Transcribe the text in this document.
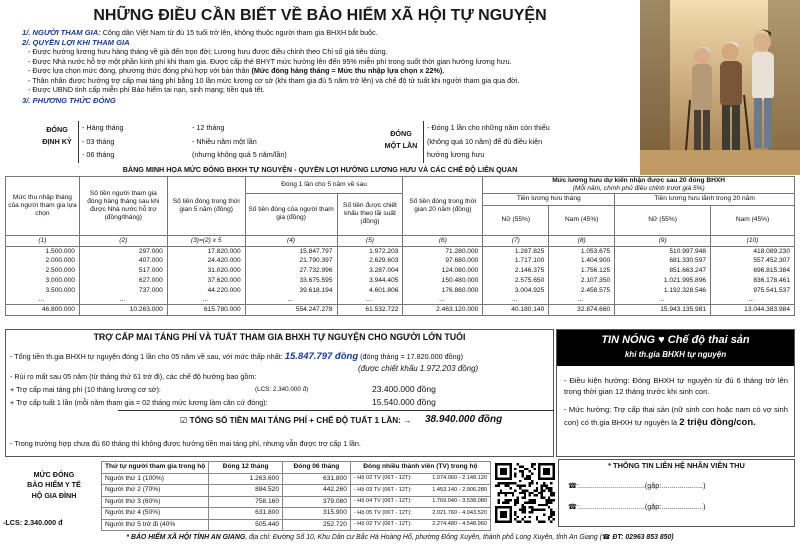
NHỮNG ĐIỀU CẦN BIẾT VỀ BẢO HIỂM XÃ HỘI TỰ NGUYỆN
1/. NGƯỜI THAM GIA: Công dân Việt Nam từ đủ 15 tuổi trở lên, không thuộc người tham gia BHXH bắt buộc.
2/. QUYỀN LỢI KHI THAM GIA
- Được hưởng lương hưu hàng tháng về già đến trọn đời; Lương hưu được điều chỉnh theo Chỉ số giá tiêu dùng.
- Được Nhà nước hỗ trợ một phần kinh phí khi tham gia. Được cấp thẻ BHYT mức hưởng lên đến 95% miễn phí trong suốt thời gian hưởng lương hưu.
- Được lựa chọn mức đóng, phương thức đóng phù hợp với bản thân (Mức đóng hàng tháng = Mức thu nhập lựa chọn x 22%).
- Thân nhân được hưởng trợ cấp mai táng phí bằng 10 lần mức lương cơ sở (khi tham gia đủ 5 năm trở lên) và chế độ tử tuất khi người tham gia qua đời.
- Được UBND tỉnh cấp miễn phí Bảo hiểm tai nạn, sinh mạng; tiền quà tết.
3/. PHƯƠNG THỨC ĐÓNG
ĐÓNG
ĐỊNH KỲ
- Hàng tháng
- 03 tháng
- 06 tháng
- 12 tháng
- Nhiều năm một lần
(nhưng không quá 5 năm/lần)
ĐÓNG
MỘT LẦN
- Đóng 1 lần cho những năm còn thiếu
(không quá 10 năm) để đủ điều kiện
hưởng lương hưu
BẢNG MINH HỌA MỨC ĐÓNG BHXH TỰ NGUYỆN - QUYỀN LỢI HƯỞNG LƯƠNG HƯU VÀ CÁC CHẾ ĐỘ LIÊN QUAN
Mức thu nhập tháng của người tham gia lựa chọn	Số tiền người tham gia đóng hàng tháng sau khi được Nhà nước hỗ trợ (đồng/tháng)	Số tiền đóng trong thời gian 5 năm (đồng)	Đóng 1 lần cho 5 năm về sau		Số tiền đóng trong thời gian 20 năm (đồng)	Mức lương hưu dự kiến nhận được sau 20 đóng BHXH
(Mỗi năm, chính phủ điều chỉnh trượt giá 5%)			
			Số tiền đóng của người tham gia (đồng)	Số tiền được chiết khấu theo lãi suất (đồng)		Tiền lương hưu tháng		Tiền lương hưu lãnh trong 20 năm	
						Nữ (55%)	Nam (45%)	Nữ (55%)	Nam (45%)
(1)	(2)	(3)=(2) x 5	(4)	(5)	(6)	(7)	(8)	(9)	(10)
1.500.000	297.000	17.820.000	15.847.797	1.972.203	71.280.000	1.287.825	1.053.675	510.997.948	418.089.230
2.000.000	407.000	24.420.000	21.790.397	2.629.603	97.680.000	1.717.100	1.404.900	681.330.597	557.452.307
2.500.000	517.000	31.020.000	27.732.996	3.287.004	124.080.000	2.146.375	1.756.125	851.663.247	696.815.384
3.000.000	627.000	37.620.000	33.675.595	3.944.405	150.480.000	2.575.650	2.107.350	1.021.995.896	836.178.461
3.500.000	737.000	44.220.000	39.618.194	4.601.806	176.880.000	3.004.925	2.458.575	1.192.328.546	975.541.537
...	...	...	...	...	...	...	...	...	...
46.800.000	10.263.000	615.780.000	554.247.278	61.532.722	2.463.120.000	40.180.140	32.874.660	15.943.135.981	13.044.383.984
TRỢ CẤP MAI TÁNG PHÍ VÀ TUẤT THAM GIA BHXH TỰ NGUYỆN CHO NGƯỜI LỚN TUỔI
- Tổng tiền th.gia BHXH tự nguyện đóng 1 lần cho 05 năm về sau, với mức thấp nhất: 15.847.797 đồng (đóng tháng = 17.820.000 đồng)
(được chiết khấu 1.972.203 đồng)
- Rủi ro mất sau 05 năm (từ tháng thứ 61 trở đi), các chế độ hưởng bao gồm:
+ Trợ cấp mai táng phí (10 tháng lương cơ sở):	(LCS: 2.340.000 đ)	23.400.000 đồng
+ Trợ cấp tuất 1 lần (mỗi năm tham gia = 02 tháng mức lương làm căn cứ đóng):	15.540.000 đồng
☑ TỔNG SỐ TIỀN MAI TÁNG PHÍ + CHẾ ĐỘ TUẤT 1 LẦN: → 38.940.000 đồng
- Trong trường hợp chưa đủ 60 tháng thì không được hưởng tiền mai táng phí, nhưng vẫn được trợ cấp 1 lần.
TIN NÓNG ♥ Chế độ thai sản
khi th.gia BHXH tự nguyện
- Điều kiện hưởng: Đóng BHXH tự nguyện từ đủ 6 tháng trở lên trong thời gian 12 tháng trước khi sinh con.
- Mức hưởng: Trợ cấp thai sản (nữ sinh con hoặc nam có vợ sinh con) có th.gia BHXH tự nguyện là 2 triệu đồng/con.
MỨC ĐÓNG
BẢO HIỂM Y TẾ
HỘ GIA ĐÌNH
-LCS: 2.340.000 đ
Thứ tự người tham gia trong hộ	Đóng 12 tháng	Đóng 06 tháng	Đóng nhiều thành viên (TV) trong hộ
Người thứ 1 (100%)	1.263.600	631.800	- Hộ 02 TV (06T - 12T): 1.074.060 - 2.148.120

Người thứ 2 (70%)	884.520	442.260	- Hộ 03 TV (06T - 12T): 1.453.140 - 2.906.280

Người thứ 3 (60%)	758.160	379.080	- Hộ 04 TV (06T - 12T): 1.769.040 - 3.538.080

Người thứ 4 (50%)	631.800	315.900	- Hộ 05 TV (06T - 12T): 2.021.760 - 4.043.520

Người thứ 5 trở đi (40%	505.440	252.720	- Hộ 02 TV (06T - 12T): 2.274.480 - 4.548.960
* THÔNG TIN LIÊN HỆ NHÂN VIÊN THU
☎:.................................(gặp:.....................)
☎:.................................(gặp:.....................)
* BẢO HIỂM XÃ HỘI TỈNH AN GIANG, địa chỉ: Đường Số 10, Khu Dân cư Bắc Hà Hoàng Hổ, phường Đông Xuyên, thành phố Long Xuyên, tỉnh An Giang (☎ ĐT: 02963 853 850)
